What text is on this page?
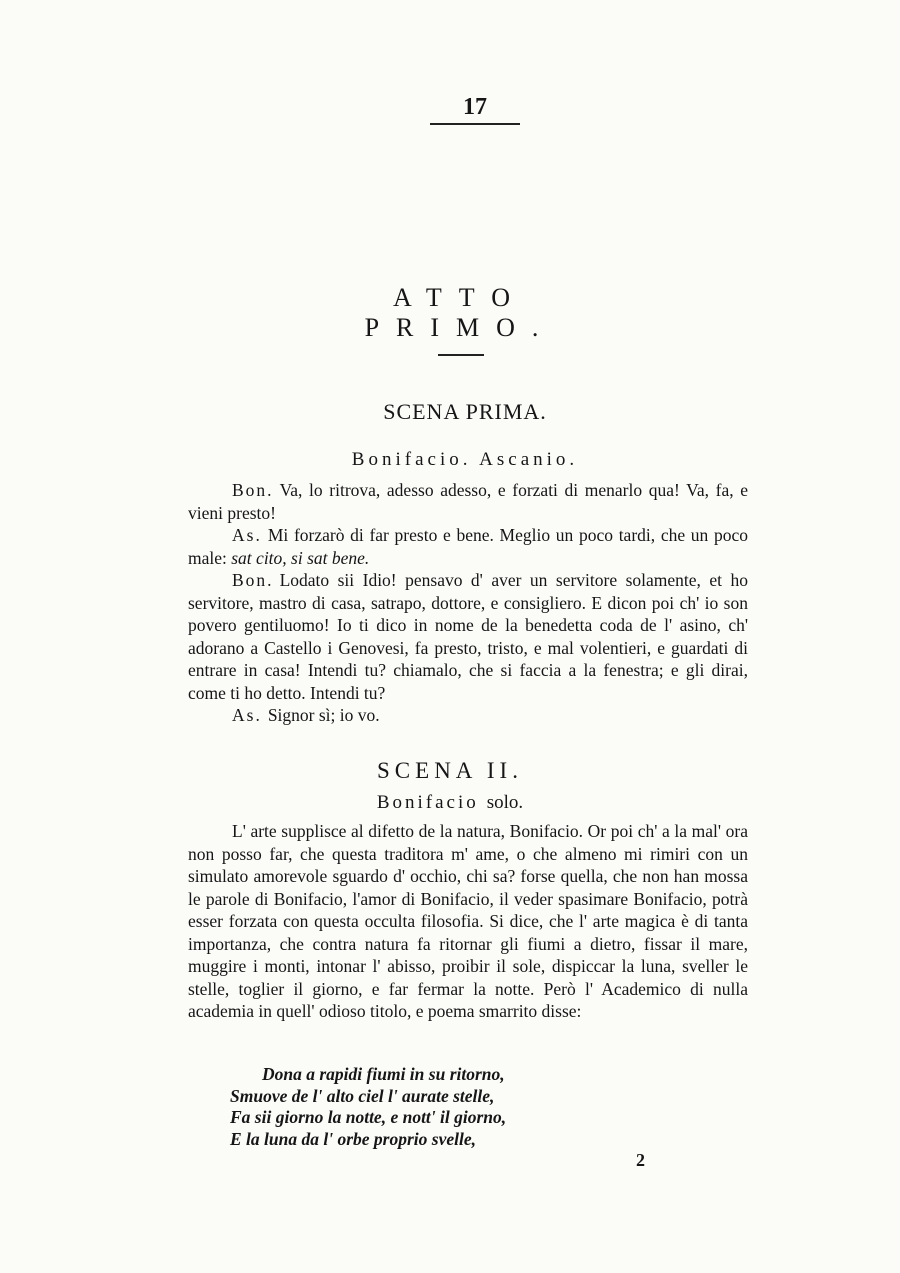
17
ATTO PRIMO.
SCENA PRIMA.
Bonifacio. Ascanio.

Bon. Va, lo ritrova, adesso adesso, e forzati di menarlo qua! Va, fa, e vieni presto!

As. Mi forzarò di far presto e bene. Meglio un poco tardi, che un poco male: sat cito, si sat bene.

Bon. Lodato sii Idio! pensavo d' aver un servitore solamente, et ho servitore, mastro di casa, satrapo, dottore, e consigliero. E dicon poi ch' io son povero gentiluomo! Io ti dico in nome de la benedetta coda de l' asino, ch' adorano a Castello i Genovesi, fa presto, tristo, e mal volentieri, e guardati di entrare in casa! Intendi tu? chiamalo, che si faccia a la fenestra; e gli dirai, come ti ho detto. Intendi tu?

As. Signor sì; io vo.

SCENA II.
Bonifacio solo.

L' arte supplisce al difetto de la natura, Bonifacio. Or poi ch' a la mal' ora non posso far, che questa traditora m' ame, o che almeno mi rimiri con un simulato amorevole sguardo d' occhio, chi sa? forse quella, che non han mossa le parole di Bonifacio, l'amor di Bonifacio, il veder spasimare Bonifacio, potrà esser forzata con questa occulta filosofia. Si dice, che l' arte magica è di tanta importanza, che contra natura fa ritornar gli fiumi a dietro, fissar il mare, muggire i monti, intonar l' abisso, proibir il sole, dispiccar la luna, sveller le stelle, toglier il giorno, e far fermar la notte. Però l' Academico di nulla academia in quell' odioso titolo, e poema smarrito disse:

Dona a rapidi fiumi in su ritorno,
Smuove de l' alto ciel l' aurate stelle,
Fa sii giorno la notte, e nott' il giorno,
E la luna da l' orbe proprio svelle,
2
